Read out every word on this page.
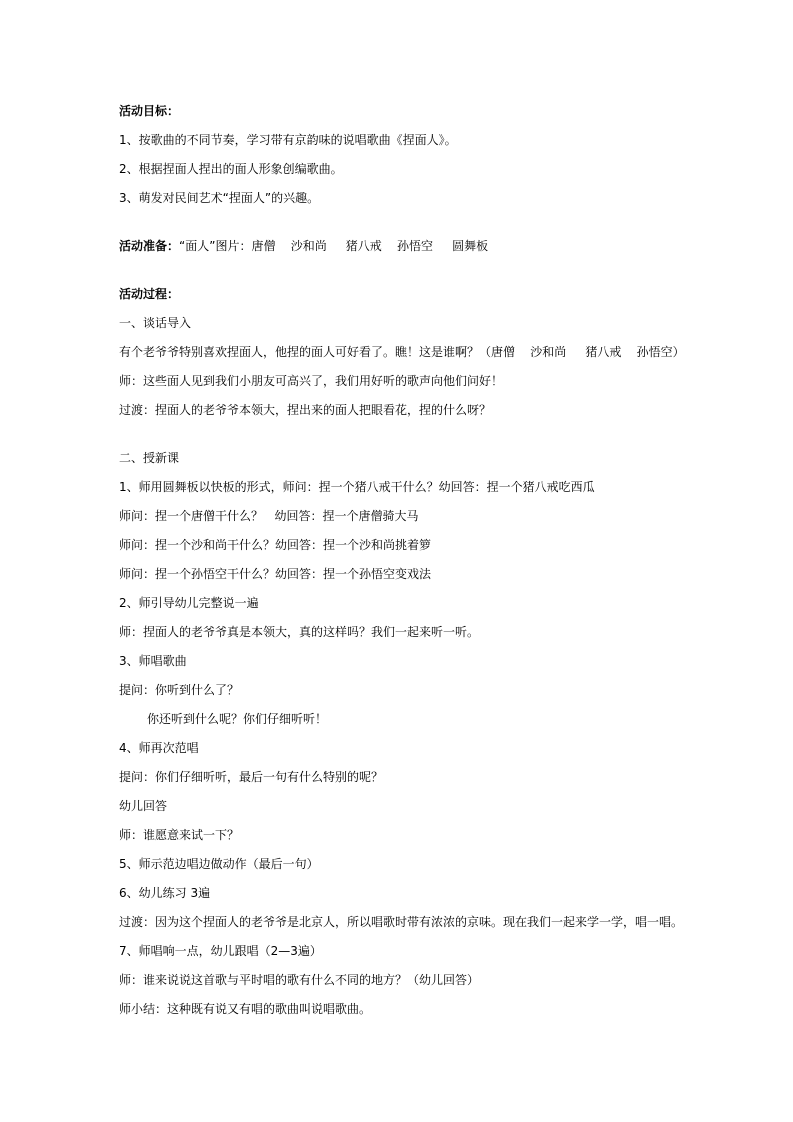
活动目标：
1、按歌曲的不同节奏，学习带有京韵味的说唱歌曲《捏面人》。
2、根据捏面人捏出的面人形象创编歌曲。
3、萌发对民间艺术“捏面人”的兴趣。
活动准备：“面人”图片：唐僧    沙和尚     猪八戒    孙悟空     圆舞板
活动过程：
一、谈话导入
有个老爷爷特别喜欢捏面人，他捏的面人可好看了。瞧！这是谁啊？（唐僧    沙和尚     猪八戒    孙悟空）
师：这些面人见到我们小朋友可高兴了，我们用好听的歌声向他们问好！
过渡：捏面人的老爷爷本领大，捏出来的面人把眼看花，捏的什么呀？
二、授新课
1、师用圆舞板以快板的形式，师问：捏一个猪八戒干什么？幼回答：捏一个猪八戒吃西瓜
师问：捏一个唐僧干什么？   幼回答：捏一个唐僧骑大马
师问：捏一个沙和尚干什么？幼回答：捏一个沙和尚挑着箩
师问：捏一个孙悟空干什么？幼回答：捏一个孙悟空变戏法
2、师引导幼儿完整说一遍
师：捏面人的老爷爷真是本领大，真的这样吗？我们一起来听一听。
3、师唱歌曲
提问：你听到什么了？
你还听到什么呢？你们仔细听听！
4、师再次范唱
提问：你们仔细听听，最后一句有什么特别的呢？
幼儿回答
师：谁愿意来试一下？
5、师示范边唱边做动作（最后一句）
6、幼儿练习 3遍
过渡：因为这个捏面人的老爷爷是北京人，所以唱歌时带有浓浓的京味。现在我们一起来学一学，唱一唱。
7、师唱响一点，幼儿跟唱（2—3遍）
师：谁来说说这首歌与平时唱的歌有什么不同的地方？（幼儿回答）
师小结：这种既有说又有唱的歌曲叫说唱歌曲。
